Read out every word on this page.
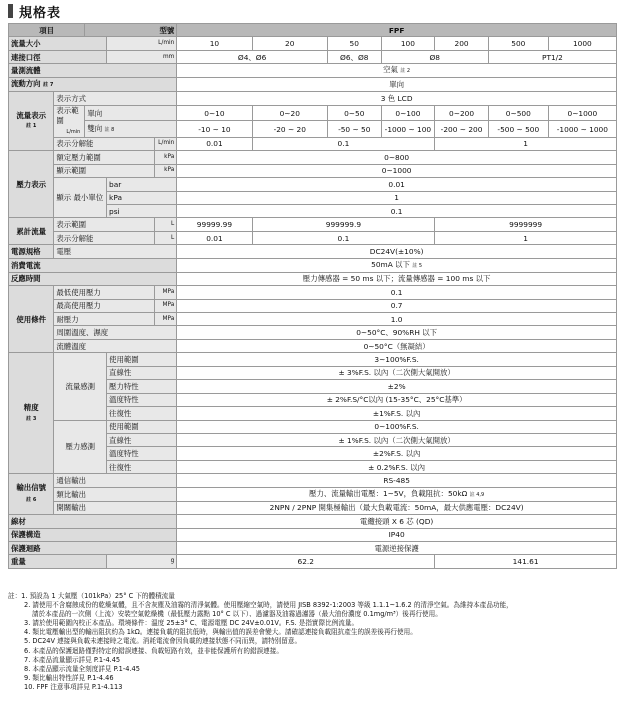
規格表
項目		型號			FPF						
流量大小			L/min		10	20	50	100	200	500	1000
連接口徑			mm		Ø4、Ø6		Ø6、Ø8	Ø8		PT1/2	
量測流體					空氣 註 2						
流動方向 註 7					單向						
流量表示
註 1	表示方式				3 色 LCD						
	表示範圍
L/min	單向			0~10	0~20	0~50	0~100	0~200	0~500	0~1000
		雙向 註 8			-10 ~ 10	-20 ~ 20	-50 ~ 50	-1000 ~ 100	-200 ~ 200	-500 ~ 500	-1000 ~ 1000
	表示分解能			L/min	0.01	0.1			1		
壓力表示	額定壓力範圍			kPa	0~800						
	顯示範圍			kPa	0~1000						
	顯示 最小單位		bar		0.01						
			kPa		1						
			psi		0.1						
累計流量	表示範圍			L	99999.99	999999.9			9999999		
	表示分解能			L	0.01	0.1			1		
電源規格	電壓				DC24V(±10%)						
消費電流					50mA 以下 註 5						
反應時間					壓力傳感器 = 50 ms 以下；流量傳感器 = 100 ms 以下						
使用條件	最低使用壓力			MPa	0.1						
	最高使用壓力			MPa	0.7						
	耐壓力			MPa	1.0						
	周圍溫度、濕度				0~50°C、90%RH 以下						
	流體溫度				0~50°C（無凝結）						
精度
註 3	流量感測		使用範圍		3~100%F.S.						
			直線性		± 3%F.S. 以內（二次側大氣開放）						
			壓力特性		±2%						
			溫度特性		± 2%F.S/°C以內 (15-35°C、25°C基準）						
			往復性		±1%F.S. 以內						
	壓力感測		使用範圍		0~100%F.S.						
			直線性		± 1%F.S. 以內（二次側大氣開放）						
			溫度特性		±2%F.S. 以內						
			往復性		± 0.2%F.S. 以內						
輸出信號
註 6	通信輸出				RS-485						
	類比輸出				壓力、流量輸出電壓：1~5V，負載阻抗：50kΩ 註 4,9						
	開關輸出				2NPN / 2PNP 開集極輸出（最大負載電流：50mA，最大供應電壓：DC24V)						
線材					電纜接頭 X 6 芯 (QD)						
保護構造					IP40						
保護迴路					電源逆接保護						
重量			g		62.2				141.61		
註：1. 預設為 1 大氣壓（101kPa）25° C 下的體積流量
2. 請使用不含腐蝕成份的乾燥氣體，且不含灰塵及油霧的清淨氣體。使用壓縮空氣時，請使用 JISB 8392-1:2003 等級 1.1.1~1.6.2 的清淨空氣。為維持本產品功能，
請於本產品的一次側（上流）安裝空氣乾燥機（最低壓力露點 10° C 以下）、過濾器及油霧過濾器（最大油份濃度 0.1mg/m³）後再行使用。
3. 請於使用範圍內校正本產品。環境條件：溫度 25±3° C、電源電壓 DC 24V±0.01V。F.S. 是指實際比例流量。
4. 類比電壓輸出型的輸出阻抗約為 1kΩ。連接負載的阻抗低時，與輸出值的誤差會變大。請確認連接負載阻抗產生的誤差後再行使用。
5. DC24V 連接與負載未連接時之電流。消耗電流會因負載的連接狀態不同而異，請特別留意。
6. 本產品的保護迴路僅對特定的錯誤連接、負載短路有效，並非能保護所有的錯誤連接。
7. 本產品流量顯示詳見 P.1-4.45
8. 本產品顯示流量全刻度詳見 P.1-4.45
9. 類比輸出特性詳見 P.1-4.46
10. FPF 注意事項詳見 P.1-4.113
